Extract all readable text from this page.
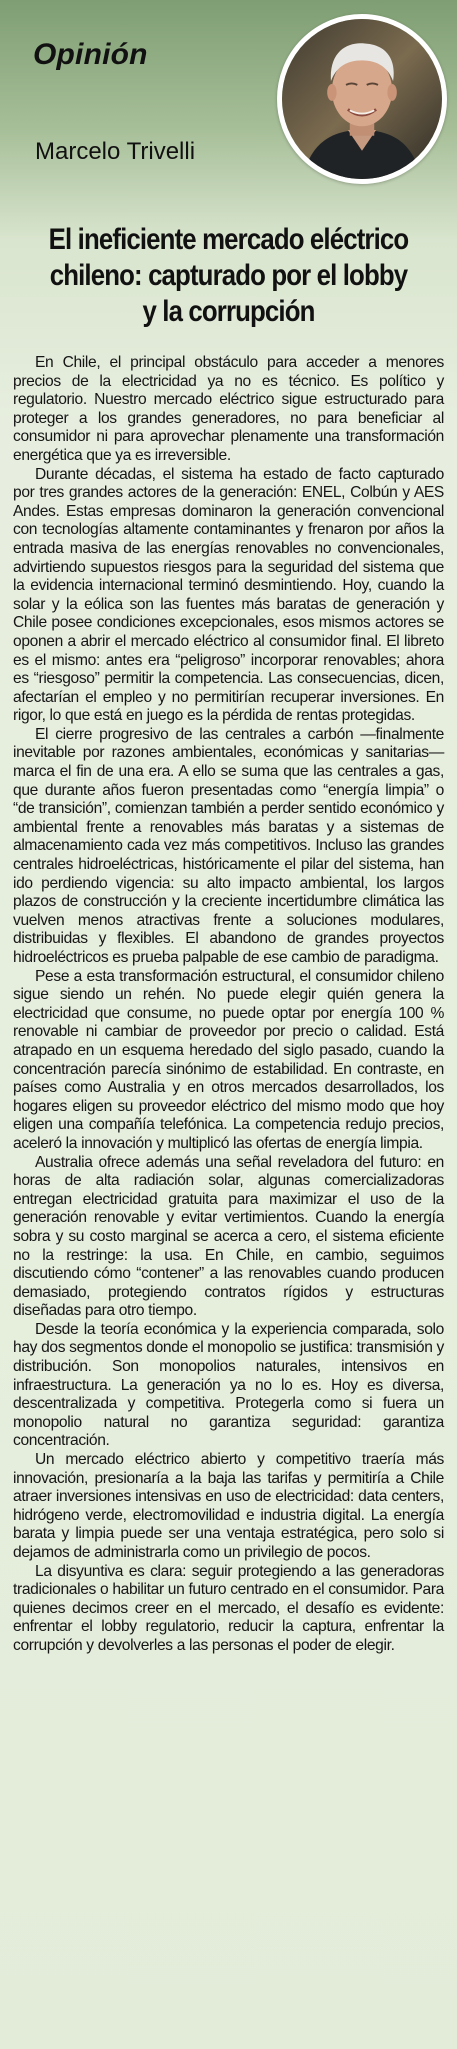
Opinión

Marcelo Trivelli

El ineficiente mercado eléctrico chileno: capturado por el lobby y la corrupción

En Chile, el principal obstáculo para acceder a menores precios de la electricidad ya no es técnico. Es político y regulatorio. Nuestro mercado eléctrico sigue estructurado para proteger a los grandes generadores, no para beneficiar al consumidor ni para aprovechar plenamente una transformación energética que ya es irreversible.

Durante décadas, el sistema ha estado de facto capturado por tres grandes actores de la generación: ENEL, Colbún y AES Andes. Estas empresas dominaron la generación convencional con tecnologías altamente contaminantes y frenaron por años la entrada masiva de las energías renovables no convencionales, advirtiendo supuestos riesgos para la seguridad del sistema que la evidencia internacional terminó desmintiendo. Hoy, cuando la solar y la eólica son las fuentes más baratas de generación y Chile posee condiciones excepcionales, esos mismos actores se oponen a abrir el mercado eléctrico al consumidor final. El libreto es el mismo: antes era “peligroso” incorporar renovables; ahora es “riesgoso” permitir la competencia. Las consecuencias, dicen, afectarían el empleo y no permitirían recuperar inversiones. En rigor, lo que está en juego es la pérdida de rentas protegidas.

El cierre progresivo de las centrales a carbón —finalmente inevitable por razones ambientales, económicas y sanitarias— marca el fin de una era. A ello se suma que las centrales a gas, que durante años fueron presentadas como “energía limpia” o “de transición”, comienzan también a perder sentido económico y ambiental frente a renovables más baratas y a sistemas de almacenamiento cada vez más competitivos. Incluso las grandes centrales hidroeléctricas, históricamente el pilar del sistema, han ido perdiendo vigencia: su alto impacto ambiental, los largos plazos de construcción y la creciente incertidumbre climática las vuelven menos atractivas frente a soluciones modulares, distribuidas y flexibles. El abandono de grandes proyectos hidroeléctricos es prueba palpable de ese cambio de paradigma.

Pese a esta transformación estructural, el consumidor chileno sigue siendo un rehén. No puede elegir quién genera la electricidad que consume, no puede optar por energía 100 % renovable ni cambiar de proveedor por precio o calidad. Está atrapado en un esquema heredado del siglo pasado, cuando la concentración parecía sinónimo de estabilidad. En contraste, en países como Australia y en otros mercados desarrollados, los hogares eligen su proveedor eléctrico del mismo modo que hoy eligen una compañía telefónica. La competencia redujo precios, aceleró la innovación y multiplicó las ofertas de energía limpia.

Australia ofrece además una señal reveladora del futuro: en horas de alta radiación solar, algunas comercializadoras entregan electricidad gratuita para maximizar el uso de la generación renovable y evitar vertimientos. Cuando la energía sobra y su costo marginal se acerca a cero, el sistema eficiente no la restringe: la usa. En Chile, en cambio, seguimos discutiendo cómo “contener” a las renovables cuando producen demasiado, protegiendo contratos rígidos y estructuras diseñadas para otro tiempo.

Desde la teoría económica y la experiencia comparada, solo hay dos segmentos donde el monopolio se justifica: transmisión y distribución. Son monopolios naturales, intensivos en infraestructura. La generación ya no lo es. Hoy es diversa, descentralizada y competitiva. Protegerla como si fuera un monopolio natural no garantiza seguridad: garantiza concentración.

Un mercado eléctrico abierto y competitivo traería más innovación, presionaría a la baja las tarifas y permitiría a Chile atraer inversiones intensivas en uso de electricidad: data centers, hidrógeno verde, electromovilidad e industria digital. La energía barata y limpia puede ser una ventaja estratégica, pero solo si dejamos de administrarla como un privilegio de pocos.

La disyuntiva es clara: seguir protegiendo a las generadoras tradicionales o habilitar un futuro centrado en el consumidor. Para quienes decimos creer en el mercado, el desafío es evidente: enfrentar el lobby regulatorio, reducir la captura, enfrentar la corrupción y devolverles a las personas el poder de elegir.
